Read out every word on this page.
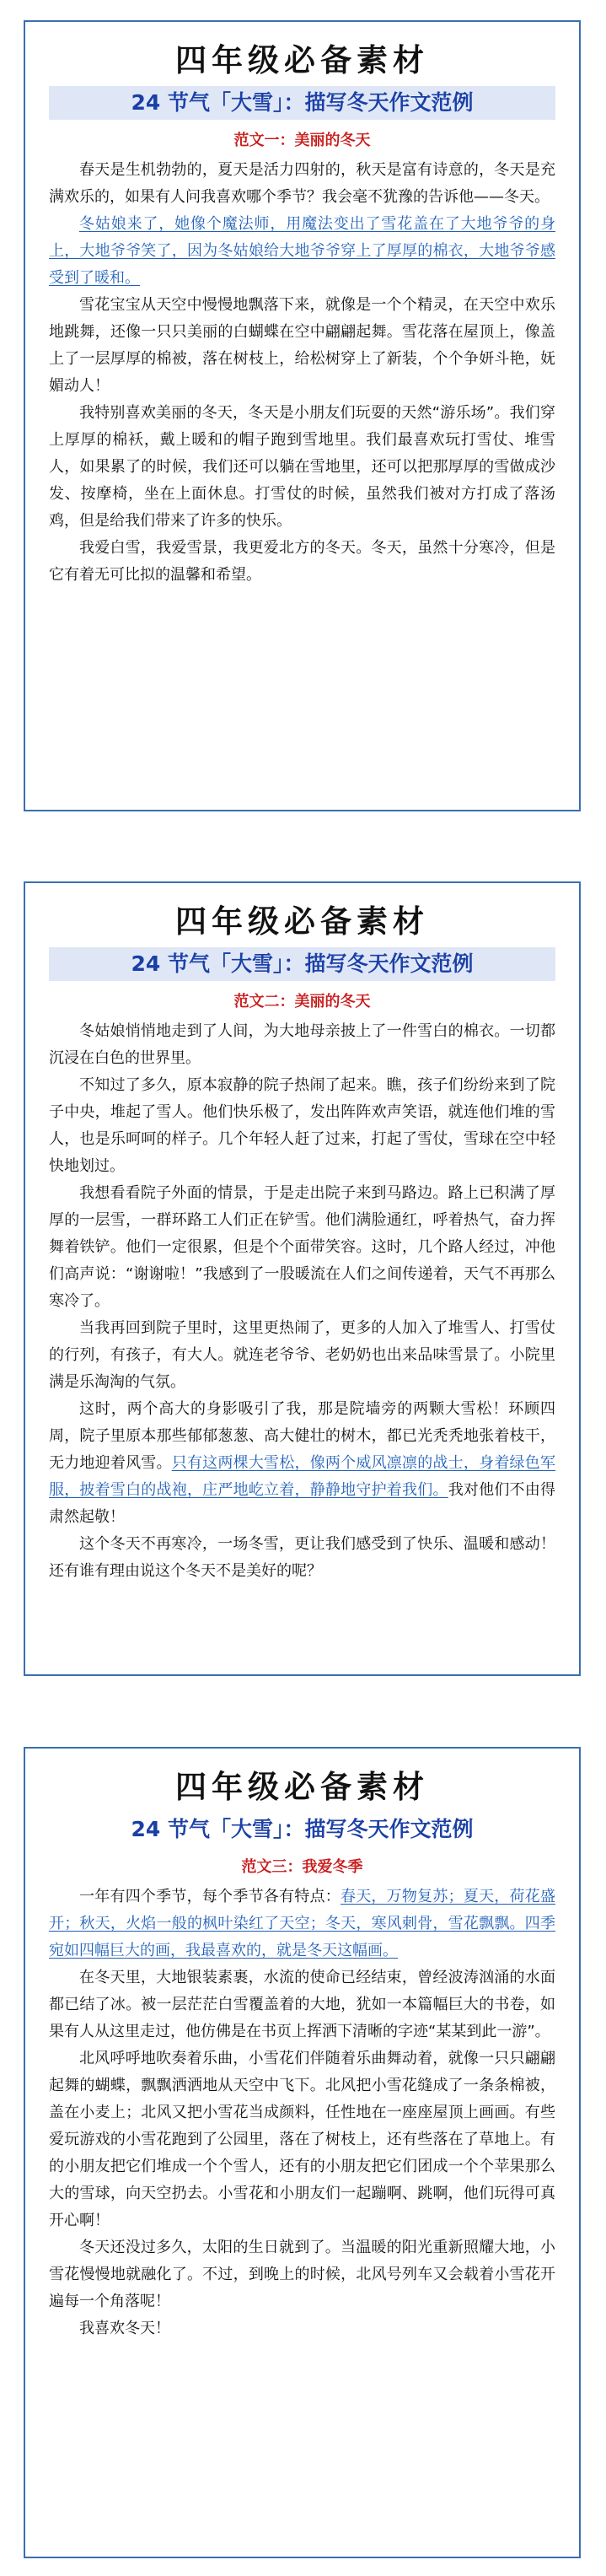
四年级必备素材
24 节气「大雪」：描写冬天作文范例
范文一：美丽的冬天

春天是生机勃勃的，夏天是活力四射的，秋天是富有诗意的，冬天是充满欢乐的，如果有人问我喜欢哪个季节？我会毫不犹豫的告诉他——冬天。

冬姑娘来了，她像个魔法师，用魔法变出了雪花盖在了大地爷爷的身上，大地爷爷笑了，因为冬姑娘给大地爷爷穿上了厚厚的棉衣，大地爷爷感受到了暖和。

雪花宝宝从天空中慢慢地飘落下来，就像是一个个精灵，在天空中欢乐地跳舞，还像一只只美丽的白蝴蝶在空中翩翩起舞。雪花落在屋顶上，像盖上了一层厚厚的棉被，落在树枝上，给松树穿上了新装，个个争妍斗艳，妩媚动人！

我特别喜欢美丽的冬天，冬天是小朋友们玩耍的天然“游乐场”。我们穿上厚厚的棉袄，戴上暖和的帽子跑到雪地里。我们最喜欢玩打雪仗、堆雪人，如果累了的时候，我们还可以躺在雪地里，还可以把那厚厚的雪做成沙发、按摩椅，坐在上面休息。打雪仗的时候，虽然我们被对方打成了落汤鸡，但是给我们带来了许多的快乐。

我爱白雪，我爱雪景，我更爱北方的冬天。冬天，虽然十分寒冷，但是它有着无可比拟的温馨和希望。

四年级必备素材
24 节气「大雪」：描写冬天作文范例
范文二：美丽的冬天

冬姑娘悄悄地走到了人间，为大地母亲披上了一件雪白的棉衣。一切都沉浸在白色的世界里。

不知过了多久，原本寂静的院子热闹了起来。瞧，孩子们纷纷来到了院子中央，堆起了雪人。他们快乐极了，发出阵阵欢声笑语，就连他们堆的雪人，也是乐呵呵的样子。几个年轻人赶了过来，打起了雪仗，雪球在空中轻快地划过。

我想看看院子外面的情景，于是走出院子来到马路边。路上已积满了厚厚的一层雪，一群环路工人们正在铲雪。他们满脸通红，呼着热气，奋力挥舞着铁铲。他们一定很累，但是个个面带笑容。这时，几个路人经过，冲他们高声说：“谢谢啦！”我感到了一股暖流在人们之间传递着，天气不再那么寒冷了。

当我再回到院子里时，这里更热闹了，更多的人加入了堆雪人、打雪仗的行列，有孩子，有大人。就连老爷爷、老奶奶也出来品味雪景了。小院里满是乐淘淘的气氛。

这时，两个高大的身影吸引了我，那是院墙旁的两颗大雪松！环顾四周，院子里原本那些郁郁葱葱、高大健壮的树木，都已光秃秃地张着枝干，无力地迎着风雪。只有这两棵大雪松，像两个威风凛凛的战士，身着绿色军服，披着雪白的战袍，庄严地屹立着，静静地守护着我们。我对他们不由得肃然起敬！

这个冬天不再寒冷，一场冬雪，更让我们感受到了快乐、温暖和感动！还有谁有理由说这个冬天不是美好的呢？

四年级必备素材
24 节气「大雪」：描写冬天作文范例
范文三：我爱冬季

一年有四个季节，每个季节各有特点：春天，万物复苏；夏天，荷花盛开；秋天，火焰一般的枫叶染红了天空；冬天，寒风刺骨，雪花飘飘。四季宛如四幅巨大的画，我最喜欢的，就是冬天这幅画。

在冬天里，大地银装素裹，水流的使命已经结束，曾经波涛汹涌的水面都已结了冰。被一层茫茫白雪覆盖着的大地，犹如一本篇幅巨大的书卷，如果有人从这里走过，他仿佛是在书页上挥洒下清晰的字迹“某某到此一游”。

北风呼呼地吹奏着乐曲，小雪花们伴随着乐曲舞动着，就像一只只翩翩起舞的蝴蝶，飘飘洒洒地从天空中飞下。北风把小雪花缝成了一条条棉被，盖在小麦上；北风又把小雪花当成颜料，任性地在一座座屋顶上画画。有些爱玩游戏的小雪花跑到了公园里，落在了树枝上，还有些落在了草地上。有的小朋友把它们堆成一个个雪人，还有的小朋友把它们团成一个个苹果那么大的雪球，向天空扔去。小雪花和小朋友们一起蹦啊、跳啊，他们玩得可真开心啊！

冬天还没过多久，太阳的生日就到了。当温暖的阳光重新照耀大地，小雪花慢慢地就融化了。不过，到晚上的时候，北风号列车又会载着小雪花开遍每一个角落呢！

我喜欢冬天！
